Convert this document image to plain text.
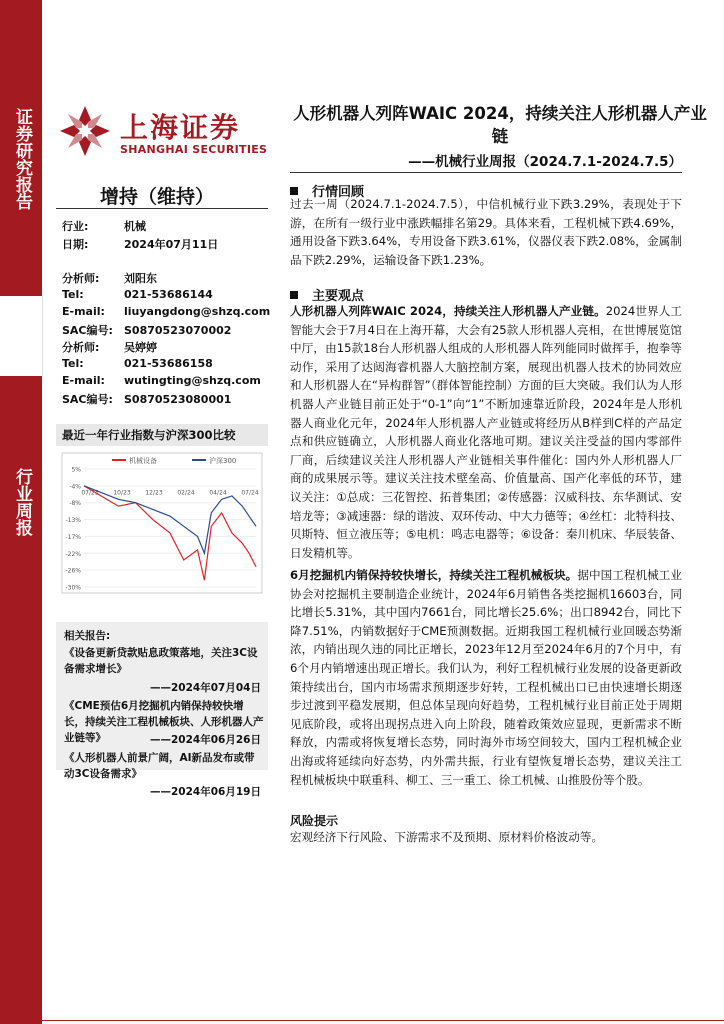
证券研究报告
行业周报
上海证券
SHANGHAI SECURITIES
人形机器人列阵WAIC 2024，持续关注人形机器人产业链
——机械行业周报（2024.7.1-2024.7.5）
增持（维持）
行业:	机械
日期:	2024年07月11日
分析师: 刘阳东
Tel:	021-53686144
E-mail: liuyangdong@shzq.com
SAC编号: S0870523070002
分析师: 吴婷婷
Tel:	021-53686158
E-mail: wutingting@shzq.com
SAC编号: S0870523080001
最近一年行业指数与沪深300比较
机械设备	沪深300
5%
-4%
-8%
-13%
-17%
-22%
-26%
-30%
07/23 10/23 12/23 02/24 04/24 07/24
相关报告:
《设备更新贷款贴息政策落地，关注3C设备需求增长》
——2024年07月04日
《CME预估6月挖掘机内销保持较快增长，持续关注工程机械板块、人形机器人产业链等》	——2024年06月26日
《人形机器人前景广阔，AI新品发布或带动3C设备需求》
——2024年06月19日
行情回顾
过去一周（2024.7.1-2024.7.5），中信机械行业下跌3.29%，表现处于下游，在所有一级行业中涨跌幅排名第29。具体来看，工程机械下跌4.69%，通用设备下跌3.64%，专用设备下跌3.61%，仪器仪表下跌2.08%，金属制品下跌2.29%，运输设备下跌1.23%。
主要观点
人形机器人列阵WAIC 2024，持续关注人形机器人产业链。2024世界人工智能大会于7月4日在上海开幕，大会有25款人形机器人亮相，在世博展览馆中厅，由15款18台人形机器人组成的人形机器人阵列能同时做挥手，抱拳等动作，采用了达闼海睿机器人大脑控制方案，展现出机器人技术的协同效应和人形机器人在“异构群智”（群体智能控制）方面的巨大突破。我们认为人形机器人产业链目前正处于“0-1”向“1”不断加速靠近阶段，2024年是人形机器人商业化元年，2024年人形机器人产业链或将经历从B样到C样的产品定点和供应链确立，人形机器人商业化落地可期。建议关注受益的国内零部件厂商，后续建议关注人形机器人产业链相关事件催化：国内外人形机器人厂商的成果展示等。建议关注技术壁垒高、价值量高、国产化率低的环节，建议关注：①总成：三花智控、拓普集团；②传感器：汉威科技、东华测试、安培龙等；③减速器：绿的谐波、双环传动、中大力德等；④丝杠：北特科技、贝斯特、恒立液压等；⑤电机：鸣志电器等；⑥设备：秦川机床、华辰装备、日发精机等。
6月挖掘机内销保持较快增长，持续关注工程机械板块。据中国工程机械工业协会对挖掘机主要制造企业统计，2024年6月销售各类挖掘机16603台，同比增长5.31%，其中国内7661台，同比增长25.6%；出口8942台，同比下降7.51%，内销数据好于CME预测数据。近期我国工程机械行业回暖态势渐浓，内销出现久违的同比正增长，2023年12月至2024年6月的7个月中，有6个月内销增速出现正增长。我们认为，利好工程机械行业发展的设备更新政策持续出台，国内市场需求预期逐步好转，工程机械出口已由快速增长期逐步过渡到平稳发展期，但总体呈现向好趋势，工程机械行业目前正处于周期见底阶段，或将出现拐点进入向上阶段，随着政策效应显现，更新需求不断释放，内需或将恢复增长态势，同时海外市场空间较大，国内工程机械企业出海或将延续向好态势，内外需共振，行业有望恢复增长态势，建议关注工程机械板块中联重科、柳工、三一重工、徐工机械、山推股份等个股。
风险提示
宏观经济下行风险、下游需求不及预期、原材料价格波动等。
